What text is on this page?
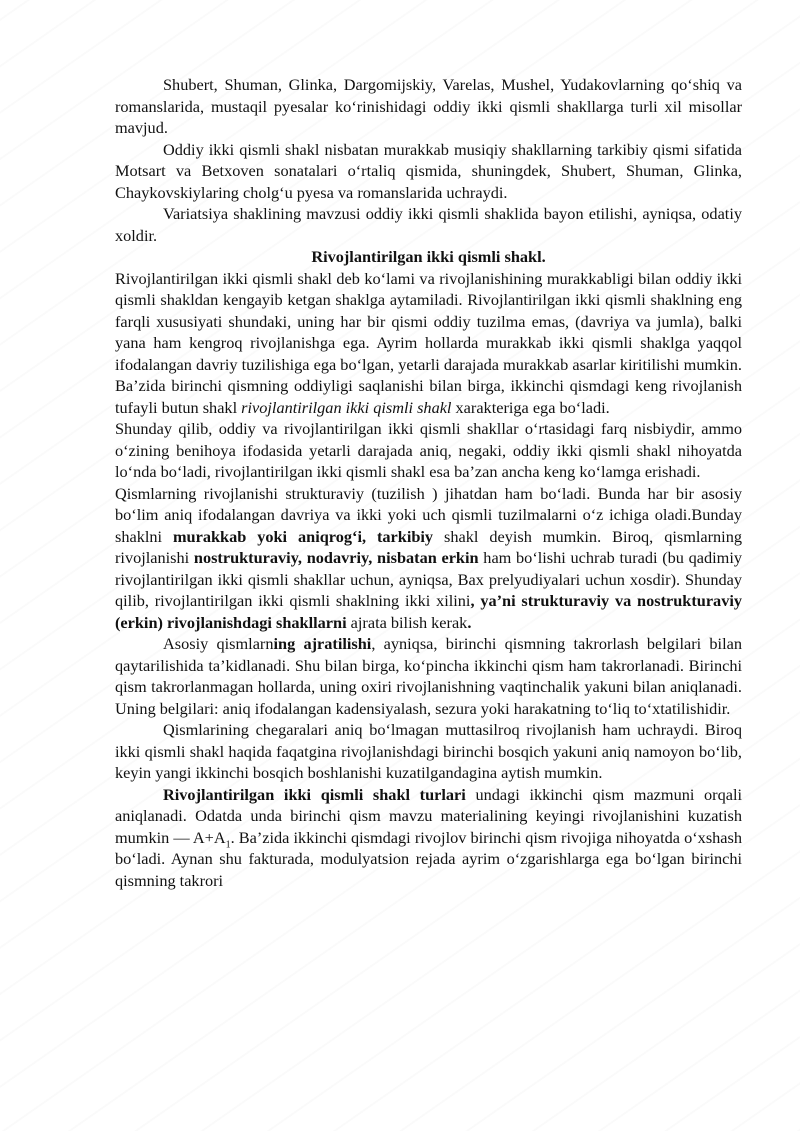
Shubert, Shuman, Glinka, Dargomijskiy, Varelas, Mushel, Yudakovlarning qo‘shiq va romanslarida, mustaqil pyesalar ko‘rinishidagi oddiy ikki qismli shakllarga turli xil misollar mavjud.

Oddiy ikki qismli shakl nisbatan murakkab musiqiy shakllarning tarkibiy qismi sifatida Motsart va Betxoven sonatalari o‘rtaliq qismida, shuningdek, Shubert, Shuman, Glinka, Chaykovskiylaring cholg‘u pyesa va romanslarida uchraydi.

Variatsiya shaklining mavzusi oddiy ikki qismli shaklida bayon etilishi, ayniqsa, odatiy xoldir.

Rivojlantirilgan ikki qismli shakl.

Rivojlantirilgan ikki qismli shakl deb ko‘lami va rivojlanishining murakkabligi bilan oddiy ikki qismli shakldan kengayib ketgan shaklga aytamiladi. Rivojlantirilgan ikki qismli shaklning eng farqli xususiyati shundaki, uning har bir qismi oddiy tuzilma emas, (davriya va jumla), balki yana ham kengroq rivojlanishga ega. Ayrim hollarda murakkab ikki qismli shaklga yaqqol ifodalangan davriy tuzilishiga ega bo‘lgan, yetarli darajada murakkab asarlar kiritilishi mumkin. Ba’zida birinchi qismning oddiyligi saqlanishi bilan birga, ikkinchi qismdagi keng rivojlanish tufayli butun shakl rivojlantirilgan ikki qismli shakl xarakteriga ega bo‘ladi.

Shunday qilib, oddiy va rivojlantirilgan ikki qismli shakllar o‘rtasidagi farq nisbiydir, ammo o‘zining benihoya ifodasida yetarli darajada aniq, negaki, oddiy ikki qismli shakl nihoyatda lo‘nda bo‘ladi, rivojlantirilgan ikki qismli shakl esa ba’zan ancha keng ko‘lamga erishadi.

Qismlarning rivojlanishi strukturaviy (tuzilish ) jihatdan ham bo‘ladi. Bunda har bir asosiy bo‘lim aniq ifodalangan davriya va ikki yoki uch qismli tuzilmalarni o‘z ichiga oladi.Bunday shaklni murakkab yoki aniqrog‘i, tarkibiy shakl deyish mumkin. Biroq, qismlarning rivojlanishi nostrukturaviy, nodavriy, nisbatan erkin ham bo‘lishi uchrab turadi (bu qadimiy rivojlantirilgan ikki qismli shakllar uchun, ayniqsa, Bax prelyudiyalari uchun xosdir). Shunday qilib, rivojlantirilgan ikki qismli shaklning ikki xilini, ya’ni strukturaviy va nostrukturaviy (erkin) rivojlanishdagi shakllarni ajrata bilish kerak.

Asosiy qismlarning ajratilishi, ayniqsa, birinchi qismning takrorlash belgilari bilan qaytarilishida ta’kidlanadi. Shu bilan birga, ko‘pincha ikkinchi qism ham takrorlanadi. Birinchi qism takrorlanmagan hollarda, uning oxiri rivojlanishning vaqtinchalik yakuni bilan aniqlanadi. Uning belgilari: aniq ifodalangan kadensiyalash, sezura yoki harakatning to‘liq to‘xtatilishidir.

Qismlarining chegaralari aniq bo‘lmagan muttasilroq rivojlanish ham uchraydi. Biroq ikki qismli shakl haqida faqatgina rivojlanishdagi birinchi bosqich yakuni aniq namoyon bo‘lib, keyin yangi ikkinchi bosqich boshlanishi kuzatilgandagina aytish mumkin.

Rivojlantirilgan ikki qismli shakl turlari undagi ikkinchi qism mazmuni orqali aniqlanadi. Odatda unda birinchi qism mavzu materialining keyingi rivojlanishini kuzatish mumkin — $A+A_1$. Ba’zida ikkinchi qismdagi rivojlov birinchi qism rivojiga nihoyatda o‘xshash bo‘ladi. Aynan shu fakturada, modulyatsion rejada ayrim o‘zgarishlarga ega bo‘lgan birinchi qismning takrori
